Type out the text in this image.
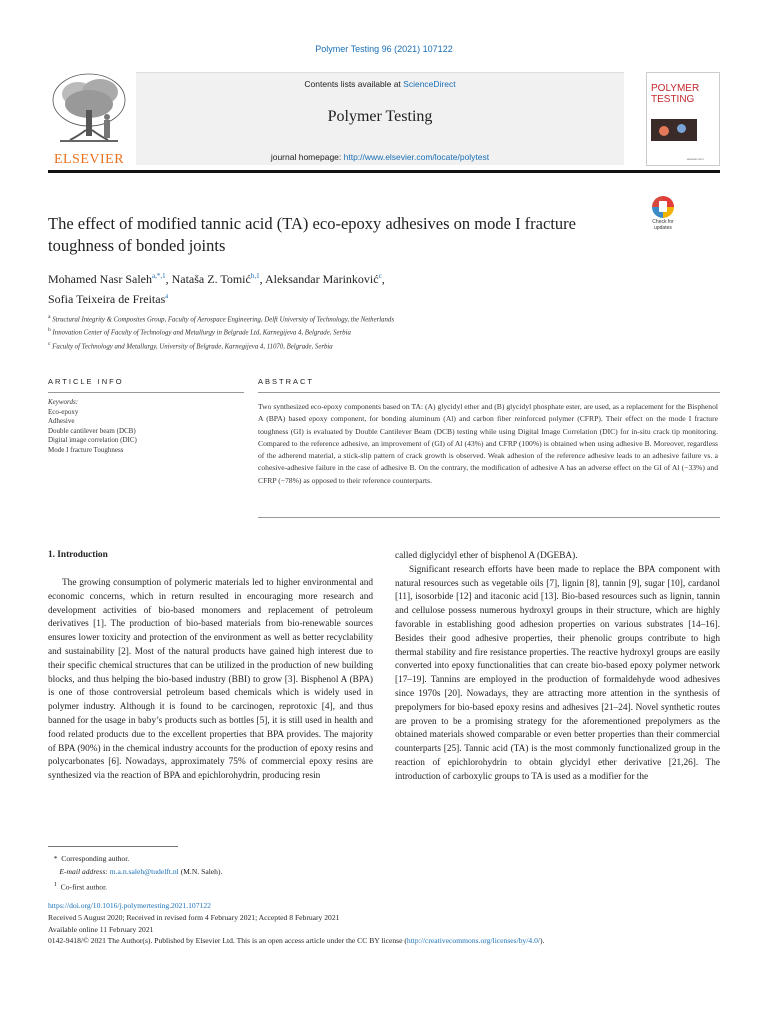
Polymer Testing 96 (2021) 107122
ELSEVIER
Contents lists available at ScienceDirect
Polymer Testing
journal homepage: http://www.elsevier.com/locate/polytest
POLYMER
TESTING
elsevier.com
The effect of modified tannic acid (TA) eco-epoxy adhesives on mode I fracture toughness of bonded joints
Check for updates
Mohamed Nasr Saleh$^{a,*,1}$, Nataša Z. Tomić$^{b,1}$, Aleksandar Marinković$^c$,
Sofia Teixeira de Freitas$^a$
$^a$ Structural Integrity & Composites Group, Faculty of Aerospace Engineering, Delft University of Technology, the Netherlands
$^b$ Innovation Center of Faculty of Technology and Metallurgy in Belgrade Ltd, Karnegijeva 4, Belgrade, Serbia
$^c$ Faculty of Technology and Metallurgy, University of Belgrade, Karnegijeva 4, 11070, Belgrade, Serbia
ARTICLE INFO	ABSTRACT
Keywords:
Eco-epoxy
Adhesive
Double cantilever beam (DCB)
Digital image correlation (DIC)
Mode I fracture Toughness
Two synthesized eco-epoxy components based on TA: (A) glycidyl ether and (B) glycidyl phosphate ester, are used, as a replacement for the Bisphenol A (BPA) based epoxy component, for bonding aluminum (Al) and carbon fiber reinforced polymer (CFRP). Their effect on the mode I fracture toughness (GI) is evaluated by Double Cantilever Beam (DCB) testing while using Digital Image Correlation (DIC) for in-situ crack tip monitoring. Compared to the reference adhesive, an improvement of (GI) of Al (43%) and CFRP (100%) is obtained when using adhesive B. Moreover, regardless of the adherend material, a stick-slip pattern of crack growth is observed. Weak adhesion of the reference adhesive leads to an adhesive failure vs. a cohesive-adhesive failure in the case of adhesive B. On the contrary, the modification of adhesive A has an adverse effect on the GI of Al (−33%) and CFRP (−78%) as opposed to their reference counterparts.
1. Introduction

The growing consumption of polymeric materials led to higher environmental and economic concerns, which in return resulted in encouraging more research and development activities of bio-based monomers and replacement of petroleum derivatives [1]. The production of bio-based materials from bio-renewable sources ensures lower toxicity and protection of the environment as well as better recyclability and sustainability [2]. Most of the natural products have gained high interest due to their specific chemical structures that can be utilized in the production of new building blocks, and thus helping the bio-based industry (BBI) to grow [3]. Bisphenol A (BPA) is one of those controversial petroleum based chemicals which is widely used in polymer industry. Although it is found to be carcinogen, reprotoxic [4], and thus banned for the usage in baby’s products such as bottles [5], it is still used in health and food related products due to the excellent properties that BPA provides. The majority of BPA (90%) in the chemical industry accounts for the production of epoxy resins and polycarbonates [6]. Nowadays, approximately 75% of commercial epoxy resins are synthesized via the reaction of BPA and epichlorohydrin, producing resin

called diglycidyl ether of bisphenol A (DGEBA).

Significant research efforts have been made to replace the BPA component with natural resources such as vegetable oils [7], lignin [8], tannin [9], sugar [10], cardanol [11], isosorbide [12] and itaconic acid [13]. Bio-based resources such as lignin, tannin and cellulose possess numerous hydroxyl groups in their structure, which are highly favorable in establishing good adhesion properties on various substrates [14–16]. Besides their good adhesive properties, their phenolic groups contribute to high thermal stability and fire resistance properties. The reactive hydroxyl groups are easily converted into epoxy functionalities that can create bio-based epoxy polymer network [17–19]. Tannins are employed in the production of formaldehyde wood adhesives since 1970s [20]. Nowadays, they are attracting more attention in the synthesis of prepolymers for bio-based epoxy resins and adhesives [21–24]. Novel synthetic routes are proven to be a promising strategy for the aforementioned prepolymers as the obtained materials showed comparable or even better properties than their commercial counterparts [25]. Tannic acid (TA) is the most commonly functionalized group in the reaction of epichlorohydrin to obtain glycidyl ether derivative [21,26]. The introduction of carboxylic groups to TA is used as a modifier for the

* Corresponding author.
E-mail address: m.a.n.saleh@tudelft.nl (M.N. Saleh).
$^1$ Co-first author.
https://doi.org/10.1016/j.polymertesting.2021.107122
Received 5 August 2020; Received in revised form 4 February 2021; Accepted 8 February 2021
Available online 11 February 2021
0142-9418/© 2021 The Author(s). Published by Elsevier Ltd. This is an open access article under the CC BY license (http://creativecommons.org/licenses/by/4.0/).
